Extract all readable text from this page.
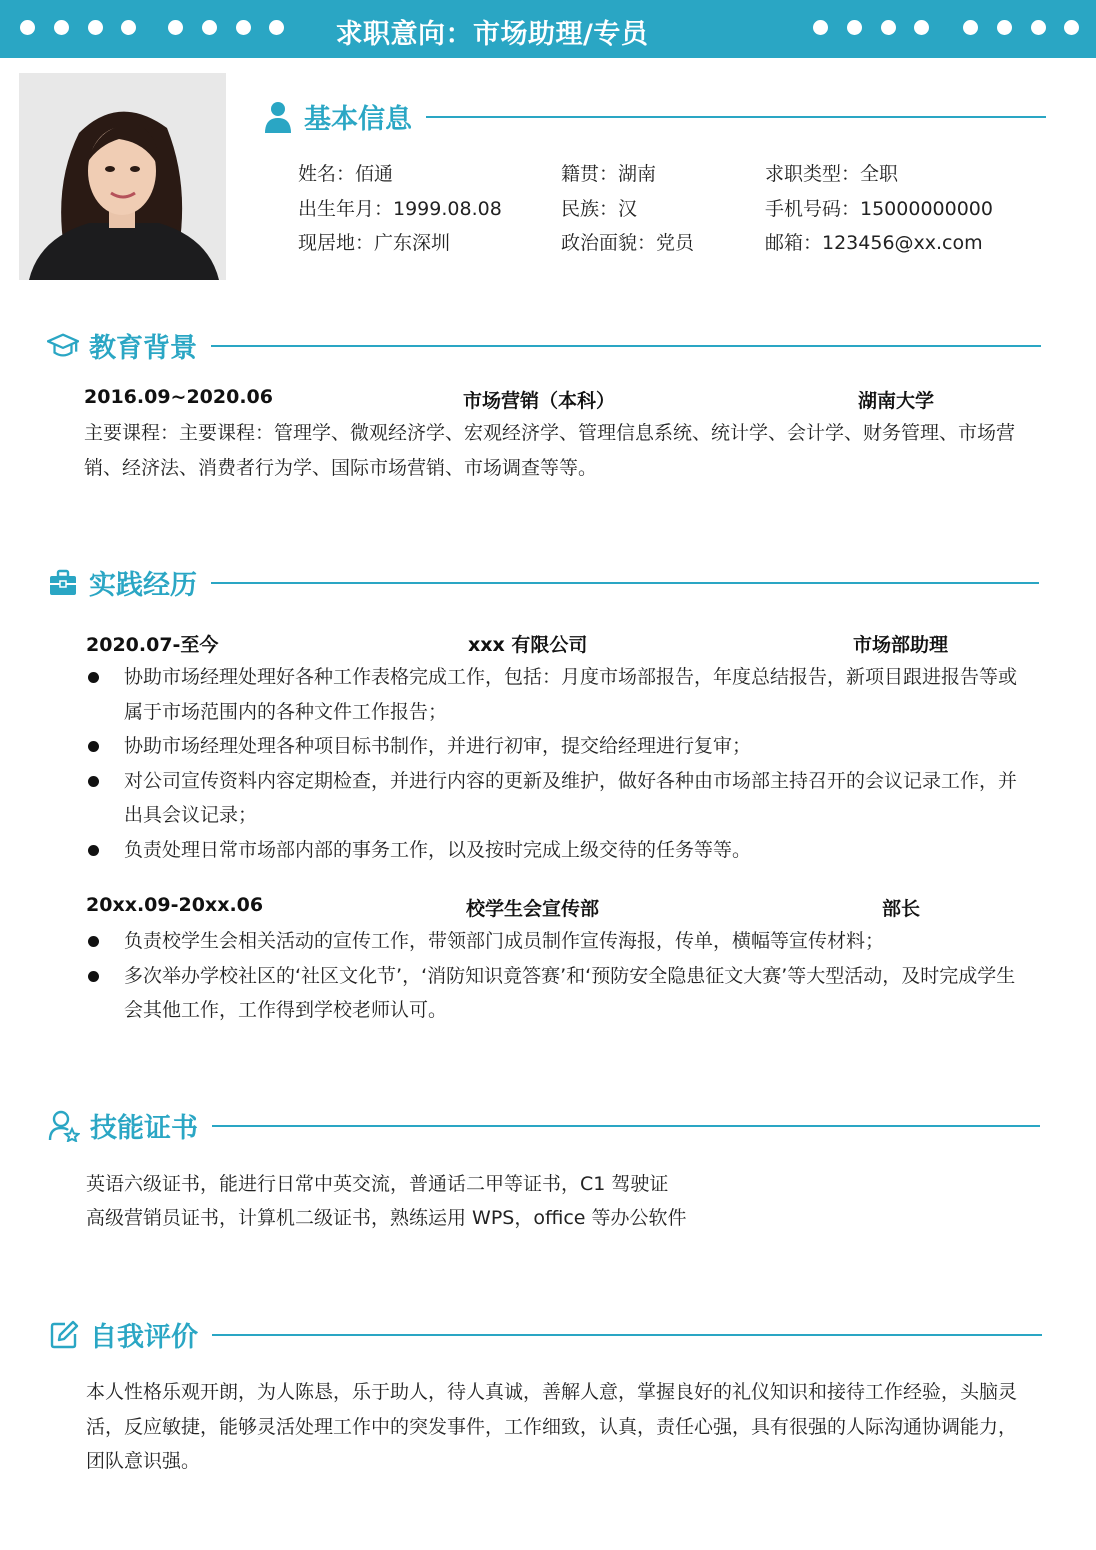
求职意向：市场助理/专员
基本信息
姓名：佰通	籍贯：湖南	求职类型：全职
出生年月：1999.08.08	民族：汉	手机号码：15000000000
现居地：广东深圳	政治面貌：党员	邮箱：123456@xx.com
教育背景
2016.09~2020.06	市场营销（本科）	湖南大学
主要课程：主要课程：管理学、微观经济学、宏观经济学、管理信息系统、统计学、会计学、财务管理、市场营销、经济法、消费者行为学、国际市场营销、市场调查等等。
实践经历
2020.07-至今	xxx 有限公司	市场部助理
协助市场经理处理好各种工作表格完成工作，包括：月度市场部报告，年度总结报告，新项目跟进报告等或属于市场范围内的各种文件工作报告；
协助市场经理处理各种项目标书制作，并进行初审，提交给经理进行复审；
对公司宣传资料内容定期检查，并进行内容的更新及维护，做好各种由市场部主持召开的会议记录工作，并出具会议记录；
负责处理日常市场部内部的事务工作，以及按时完成上级交待的任务等等。
20xx.09-20xx.06	校学生会宣传部	部长
负责校学生会相关活动的宣传工作，带领部门成员制作宣传海报，传单，横幅等宣传材料；
多次举办学校社区的‘社区文化节’，‘消防知识竟答赛’和‘预防安全隐患征文大赛’等大型活动，及时完成学生会其他工作，工作得到学校老师认可。
技能证书
英语六级证书，能进行日常中英交流，普通话二甲等证书，C1 驾驶证
高级营销员证书，计算机二级证书，熟练运用 WPS，office 等办公软件
自我评价
本人性格乐观开朗，为人陈恳，乐于助人，待人真诚，善解人意，掌握良好的礼仪知识和接待工作经验，头脑灵活，反应敏捷，能够灵活处理工作中的突发事件，工作细致，认真，责任心强，具有很强的人际沟通协调能力，团队意识强。
